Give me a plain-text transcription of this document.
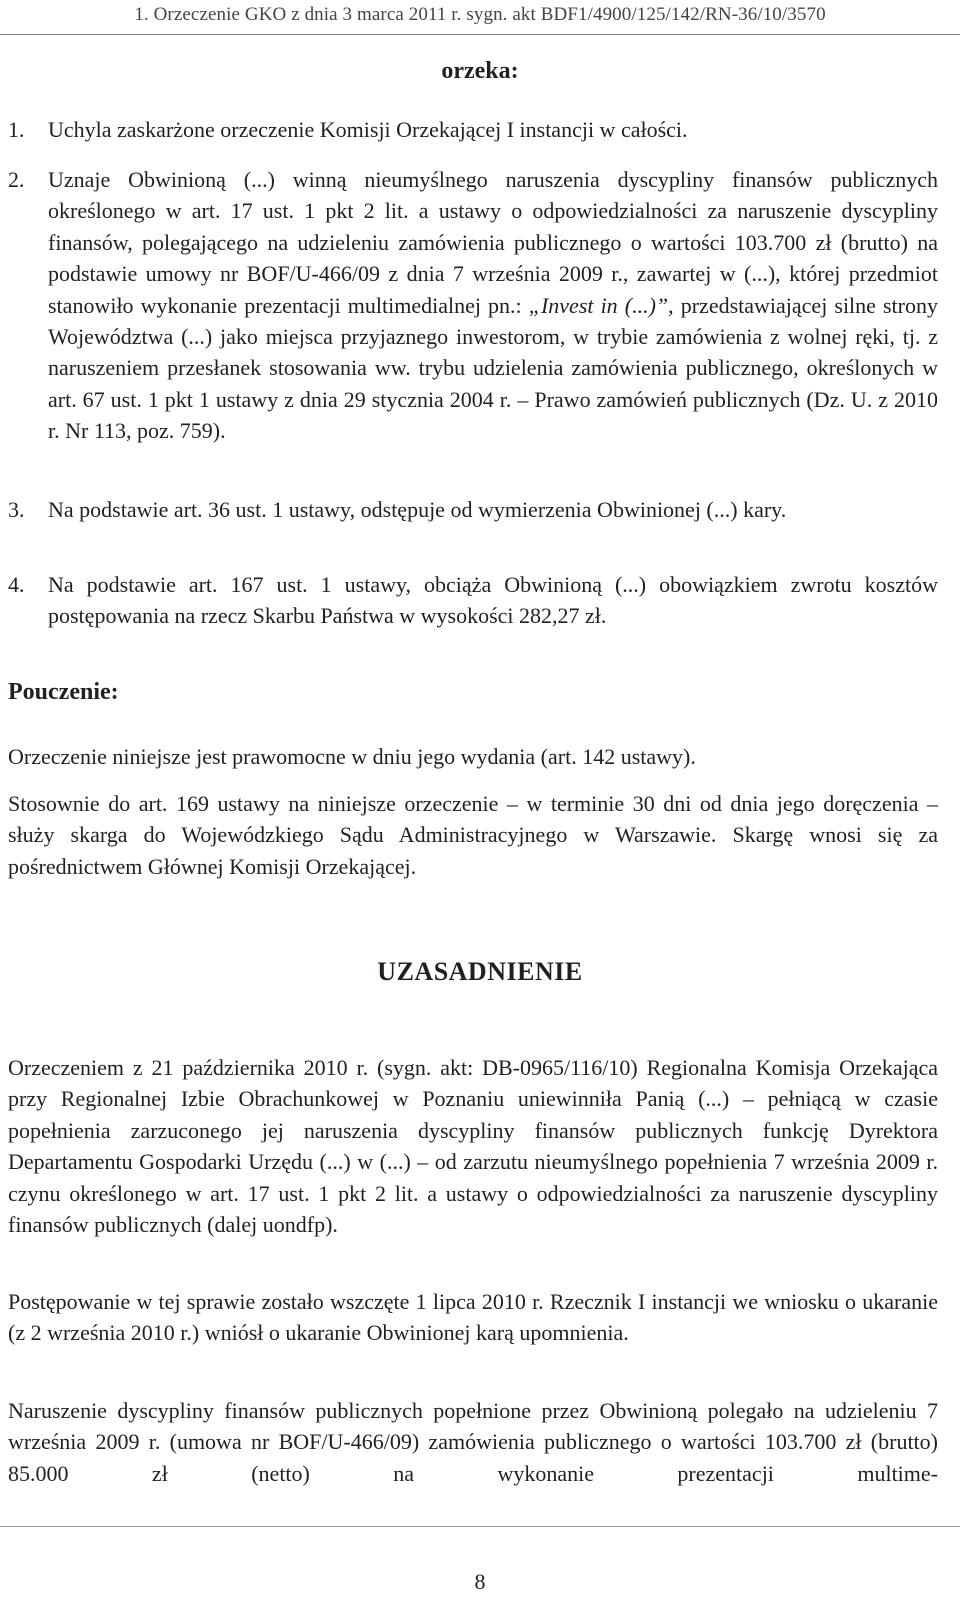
1. Orzeczenie GKO z dnia 3 marca 2011 r. sygn. akt BDF1/4900/125/142/RN-36/10/3570
orzeka:
1. Uchyla zaskarżone orzeczenie Komisji Orzekającej I instancji w całości.
2. Uznaje Obwinioną (...) winną nieumyślnego naruszenia dyscypliny finansów publicznych określonego w art. 17 ust. 1 pkt 2 lit. a ustawy o odpowiedzialności za naruszenie dyscypliny finansów, polegającego na udzieleniu zamówienia publicznego o wartości 103.700 zł (brutto) na podstawie umowy nr BOF/U-466/09 z dnia 7 września 2009 r., zawartej w (...), której przedmiot stanowiło wykonanie prezentacji multimedialnej pn.: „Invest in (...)”, przedstawiającej silne strony Województwa (...) jako miejsca przyjaznego inwestorom, w trybie zamówienia z wolnej ręki, tj. z naruszeniem przesłanek stosowania ww. trybu udzielenia zamówienia publicznego, określonych w art. 67 ust. 1 pkt 1 ustawy z dnia 29 stycznia 2004 r. – Prawo zamówień publicznych (Dz. U. z 2010 r. Nr 113, poz. 759).
3. Na podstawie art. 36 ust. 1 ustawy, odstępuje od wymierzenia Obwinionej (...) kary.
4. Na podstawie art. 167 ust. 1 ustawy, obciąża Obwinioną (...) obowiązkiem zwrotu kosztów postępowania na rzecz Skarbu Państwa w wysokości 282,27 zł.
Pouczenie:
Orzeczenie niniejsze jest prawomocne w dniu jego wydania (art. 142 ustawy).
Stosownie do art. 169 ustawy na niniejsze orzeczenie – w terminie 30 dni od dnia jego doręczenia – służy skarga do Wojewódzkiego Sądu Administracyjnego w Warszawie. Skargę wnosi się za pośrednictwem Głównej Komisji Orzekającej.
UZASADNIENIE
Orzeczeniem z 21 października 2010 r. (sygn. akt: DB-0965/116/10) Regionalna Komisja Orzekająca przy Regionalnej Izbie Obrachunkowej w Poznaniu uniewinniła Panią (...) – pełniącą w czasie popełnienia zarzuconego jej naruszenia dyscypliny finansów publicznych funkcję Dyrektora Departamentu Gospodarki Urzędu (...) w (...) – od zarzutu nieumyślnego popełnienia 7 września 2009 r. czynu określonego w art. 17 ust. 1 pkt 2 lit. a ustawy o odpowiedzialności za naruszenie dyscypliny finansów publicznych (dalej uondfp).
Postępowanie w tej sprawie zostało wszczęte 1 lipca 2010 r. Rzecznik I instancji we wniosku o ukaranie (z 2 września 2010 r.) wniósł o ukaranie Obwinionej karą upomnienia.
Naruszenie dyscypliny finansów publicznych popełnione przez Obwinioną polegało na udzieleniu 7 września 2009 r. (umowa nr BOF/U-466/09) zamówienia publicznego o wartości 103.700 zł (brutto) 85.000 zł (netto) na wykonanie prezentacji multime-
8
